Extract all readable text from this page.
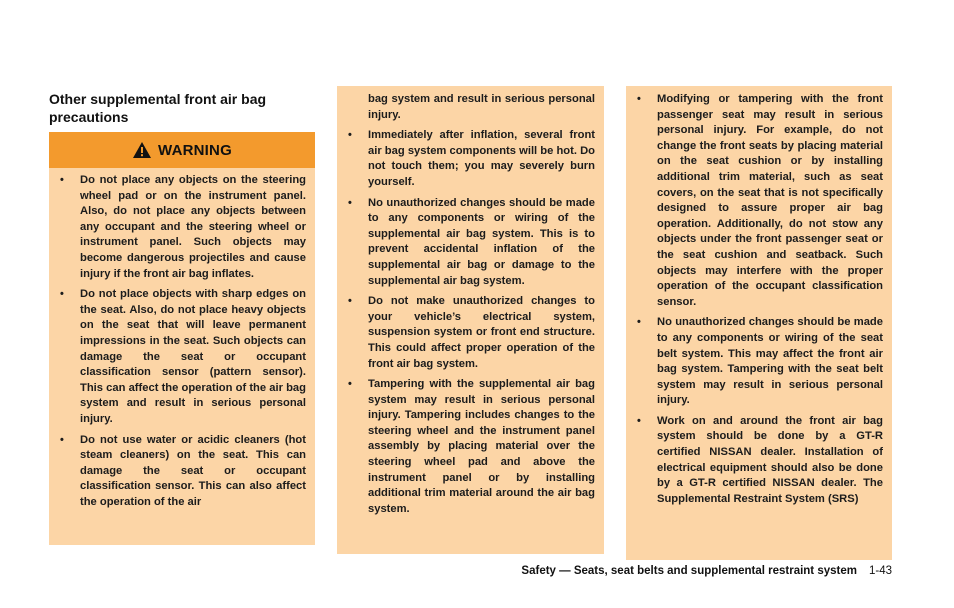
Other supplemental front air bag precautions
WARNING
• Do not place any objects on the steering wheel pad or on the instrument panel. Also, do not place any objects between any occupant and the steering wheel or instrument panel. Such objects may become dangerous projectiles and cause injury if the front air bag inflates.
• Do not place objects with sharp edges on the seat. Also, do not place heavy objects on the seat that will leave permanent impressions in the seat. Such objects can damage the seat or occupant classification sensor (pattern sensor). This can affect the operation of the air bag system and result in serious personal injury.
• Do not use water or acidic cleaners (hot steam cleaners) on the seat. This can damage the seat or occupant classification sensor. This can also affect the operation of the air
bag system and result in serious personal injury.
• Immediately after inflation, several front air bag system components will be hot. Do not touch them; you may severely burn yourself.
• No unauthorized changes should be made to any components or wiring of the supplemental air bag system. This is to prevent accidental inflation of the supplemental air bag or damage to the supplemental air bag system.
• Do not make unauthorized changes to your vehicle’s electrical system, suspension system or front end structure. This could affect proper operation of the front air bag system.
• Tampering with the supplemental air bag system may result in serious personal injury. Tampering includes changes to the steering wheel and the instrument panel assembly by placing material over the steering wheel pad and above the instrument panel or by installing additional trim material around the air bag system.
• Modifying or tampering with the front passenger seat may result in serious personal injury. For example, do not change the front seats by placing material on the seat cushion or by installing additional trim material, such as seat covers, on the seat that is not specifically designed to assure proper air bag operation. Additionally, do not stow any objects under the front passenger seat or the seat cushion and seatback. Such objects may interfere with the proper operation of the occupant classification sensor.
• No unauthorized changes should be made to any components or wiring of the seat belt system. This may affect the front air bag system. Tampering with the seat belt system may result in serious personal injury.
• Work on and around the front air bag system should be done by a GT-R certified NISSAN dealer. Installation of electrical equipment should also be done by a GT-R certified NISSAN dealer. The Supplemental Restraint System (SRS)
Safety — Seats, seat belts and supplemental restraint system 1-43
